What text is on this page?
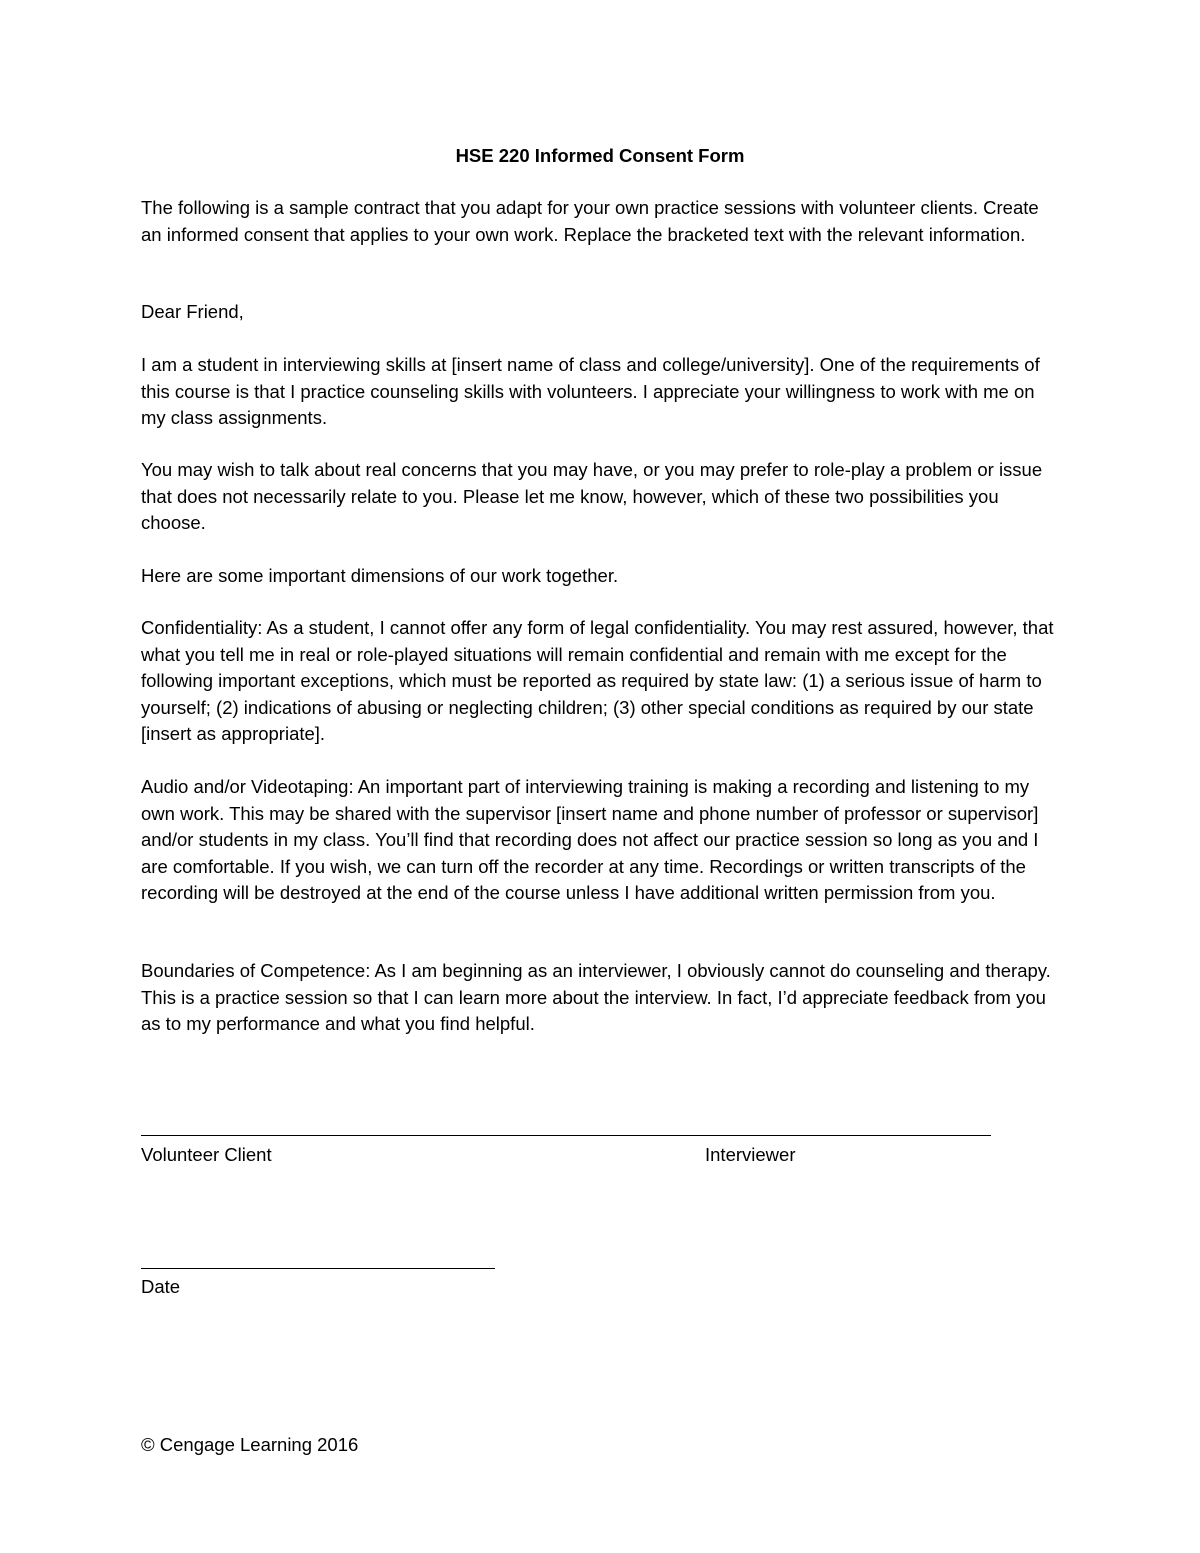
HSE 220 Informed Consent Form
The following is a sample contract that you adapt for your own practice sessions with volunteer clients. Create an informed consent that applies to your own work. Replace the bracketed text with the relevant information.
Dear Friend,
I am a student in interviewing skills at [insert name of class and college/university]. One of the requirements of this course is that I practice counseling skills with volunteers. I appreciate your willingness to work with me on my class assignments.
You may wish to talk about real concerns that you may have, or you may prefer to role-play a problem or issue that does not necessarily relate to you. Please let me know, however, which of these two possibilities you choose.
Here are some important dimensions of our work together.
Confidentiality: As a student, I cannot offer any form of legal confidentiality. You may rest assured, however, that what you tell me in real or role-played situations will remain confidential and remain with me except for the following important exceptions, which must be reported as required by state law: (1) a serious issue of harm to yourself; (2) indications of abusing or neglecting children; (3) other special conditions as required by our state [insert as appropriate].
Audio and/or Videotaping: An important part of interviewing training is making a recording and listening to my own work. This may be shared with the supervisor [insert name and phone number of professor or supervisor] and/or students in my class. You’ll find that recording does not affect our practice session so long as you and I are comfortable. If you wish, we can turn off the recorder at any time. Recordings or written transcripts of the recording will be destroyed at the end of the course unless I have additional written permission from you.
Boundaries of Competence: As I am beginning as an interviewer, I obviously cannot do counseling and therapy. This is a practice session so that I can learn more about the interview. In fact, I’d appreciate feedback from you as to my performance and what you find helpful.
Volunteer Client	Interviewer
Date
© Cengage Learning 2016
